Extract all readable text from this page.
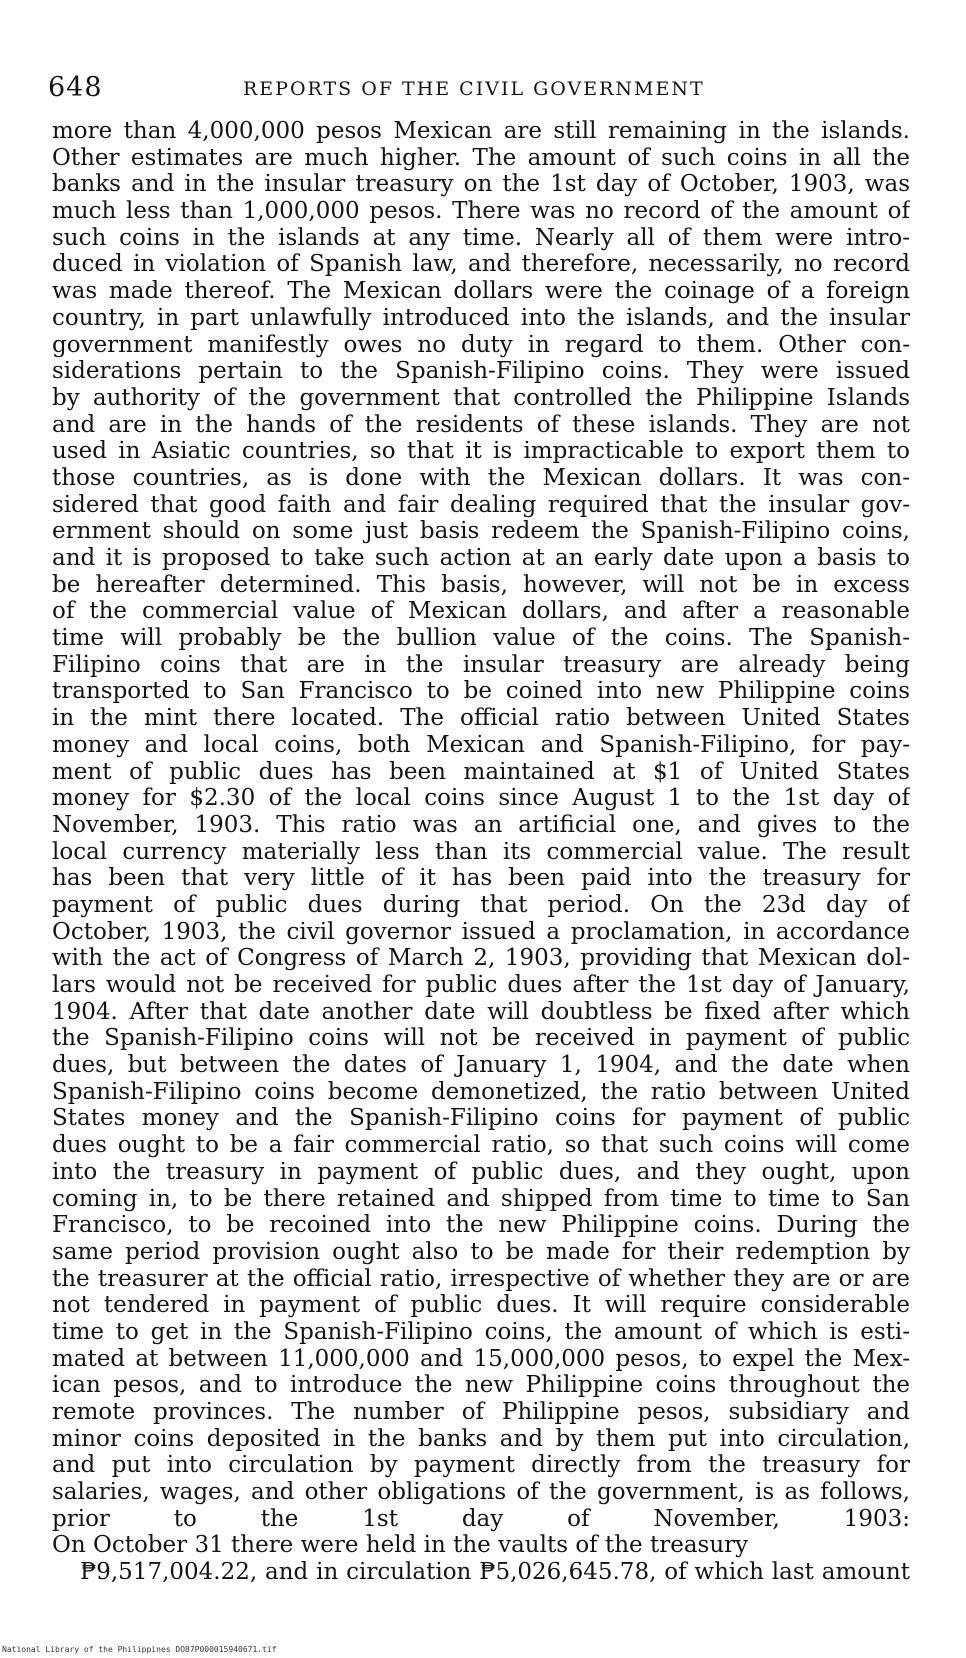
648	REPORTS OF THE CIVIL GOVERNMENT
more than 4,000,000 pesos Mexican are still remaining in the islands.
Other estimates are much higher. The amount of such coins in all the
banks and in the insular treasury on the 1st day of October, 1903, was
much less than 1,000,000 pesos. There was no record of the amount of
such coins in the islands at any time. Nearly all of them were intro-
duced in violation of Spanish law, and therefore, necessarily, no record
was made thereof. The Mexican dollars were the coinage of a foreign
country, in part unlawfully introduced into the islands, and the insular
government manifestly owes no duty in regard to them. Other con-
siderations pertain to the Spanish-Filipino coins. They were issued
by authority of the government that controlled the Philippine Islands
and are in the hands of the residents of these islands. They are not
used in Asiatic countries, so that it is impracticable to export them to
those countries, as is done with the Mexican dollars. It was con-
sidered that good faith and fair dealing required that the insular gov-
ernment should on some just basis redeem the Spanish-Filipino coins,
and it is proposed to take such action at an early date upon a basis to
be hereafter determined. This basis, however, will not be in excess
of the commercial value of Mexican dollars, and after a reasonable
time will probably be the bullion value of the coins. The Spanish-
Filipino coins that are in the insular treasury are already being
transported to San Francisco to be coined into new Philippine coins
in the mint there located. The official ratio between United States
money and local coins, both Mexican and Spanish-Filipino, for pay-
ment of public dues has been maintained at $1 of United States
money for $2.30 of the local coins since August 1 to the 1st day of
November, 1903. This ratio was an artificial one, and gives to the
local currency materially less than its commercial value. The result
has been that very little of it has been paid into the treasury for
payment of public dues during that period. On the 23d day of
October, 1903, the civil governor issued a proclamation, in accordance
with the act of Congress of March 2, 1903, providing that Mexican dol-
lars would not be received for public dues after the 1st day of January,
1904. After that date another date will doubtless be fixed after which
the Spanish-Filipino coins will not be received in payment of public
dues, but between the dates of January 1, 1904, and the date when
Spanish-Filipino coins become demonetized, the ratio between United
States money and the Spanish-Filipino coins for payment of public
dues ought to be a fair commercial ratio, so that such coins will come
into the treasury in payment of public dues, and they ought, upon
coming in, to be there retained and shipped from time to time to San
Francisco, to be recoined into the new Philippine coins. During the
same period provision ought also to be made for their redemption by
the treasurer at the official ratio, irrespective of whether they are or are
not tendered in payment of public dues. It will require considerable
time to get in the Spanish-Filipino coins, the amount of which is esti-
mated at between 11,000,000 and 15,000,000 pesos, to expel the Mex-
ican pesos, and to introduce the new Philippine coins throughout the
remote provinces. The number of Philippine pesos, subsidiary and
minor coins deposited in the banks and by them put into circulation,
and put into circulation by payment directly from the treasury for
salaries, wages, and other obligations of the government, is as follows,
prior to the 1st day of November, 1903:
On October 31 there were held in the vaults of the treasury
₱9,517,004.22, and in circulation ₱5,026,645.78, of which last amount
National Library of the Philippines DO87P000015940671.tif
